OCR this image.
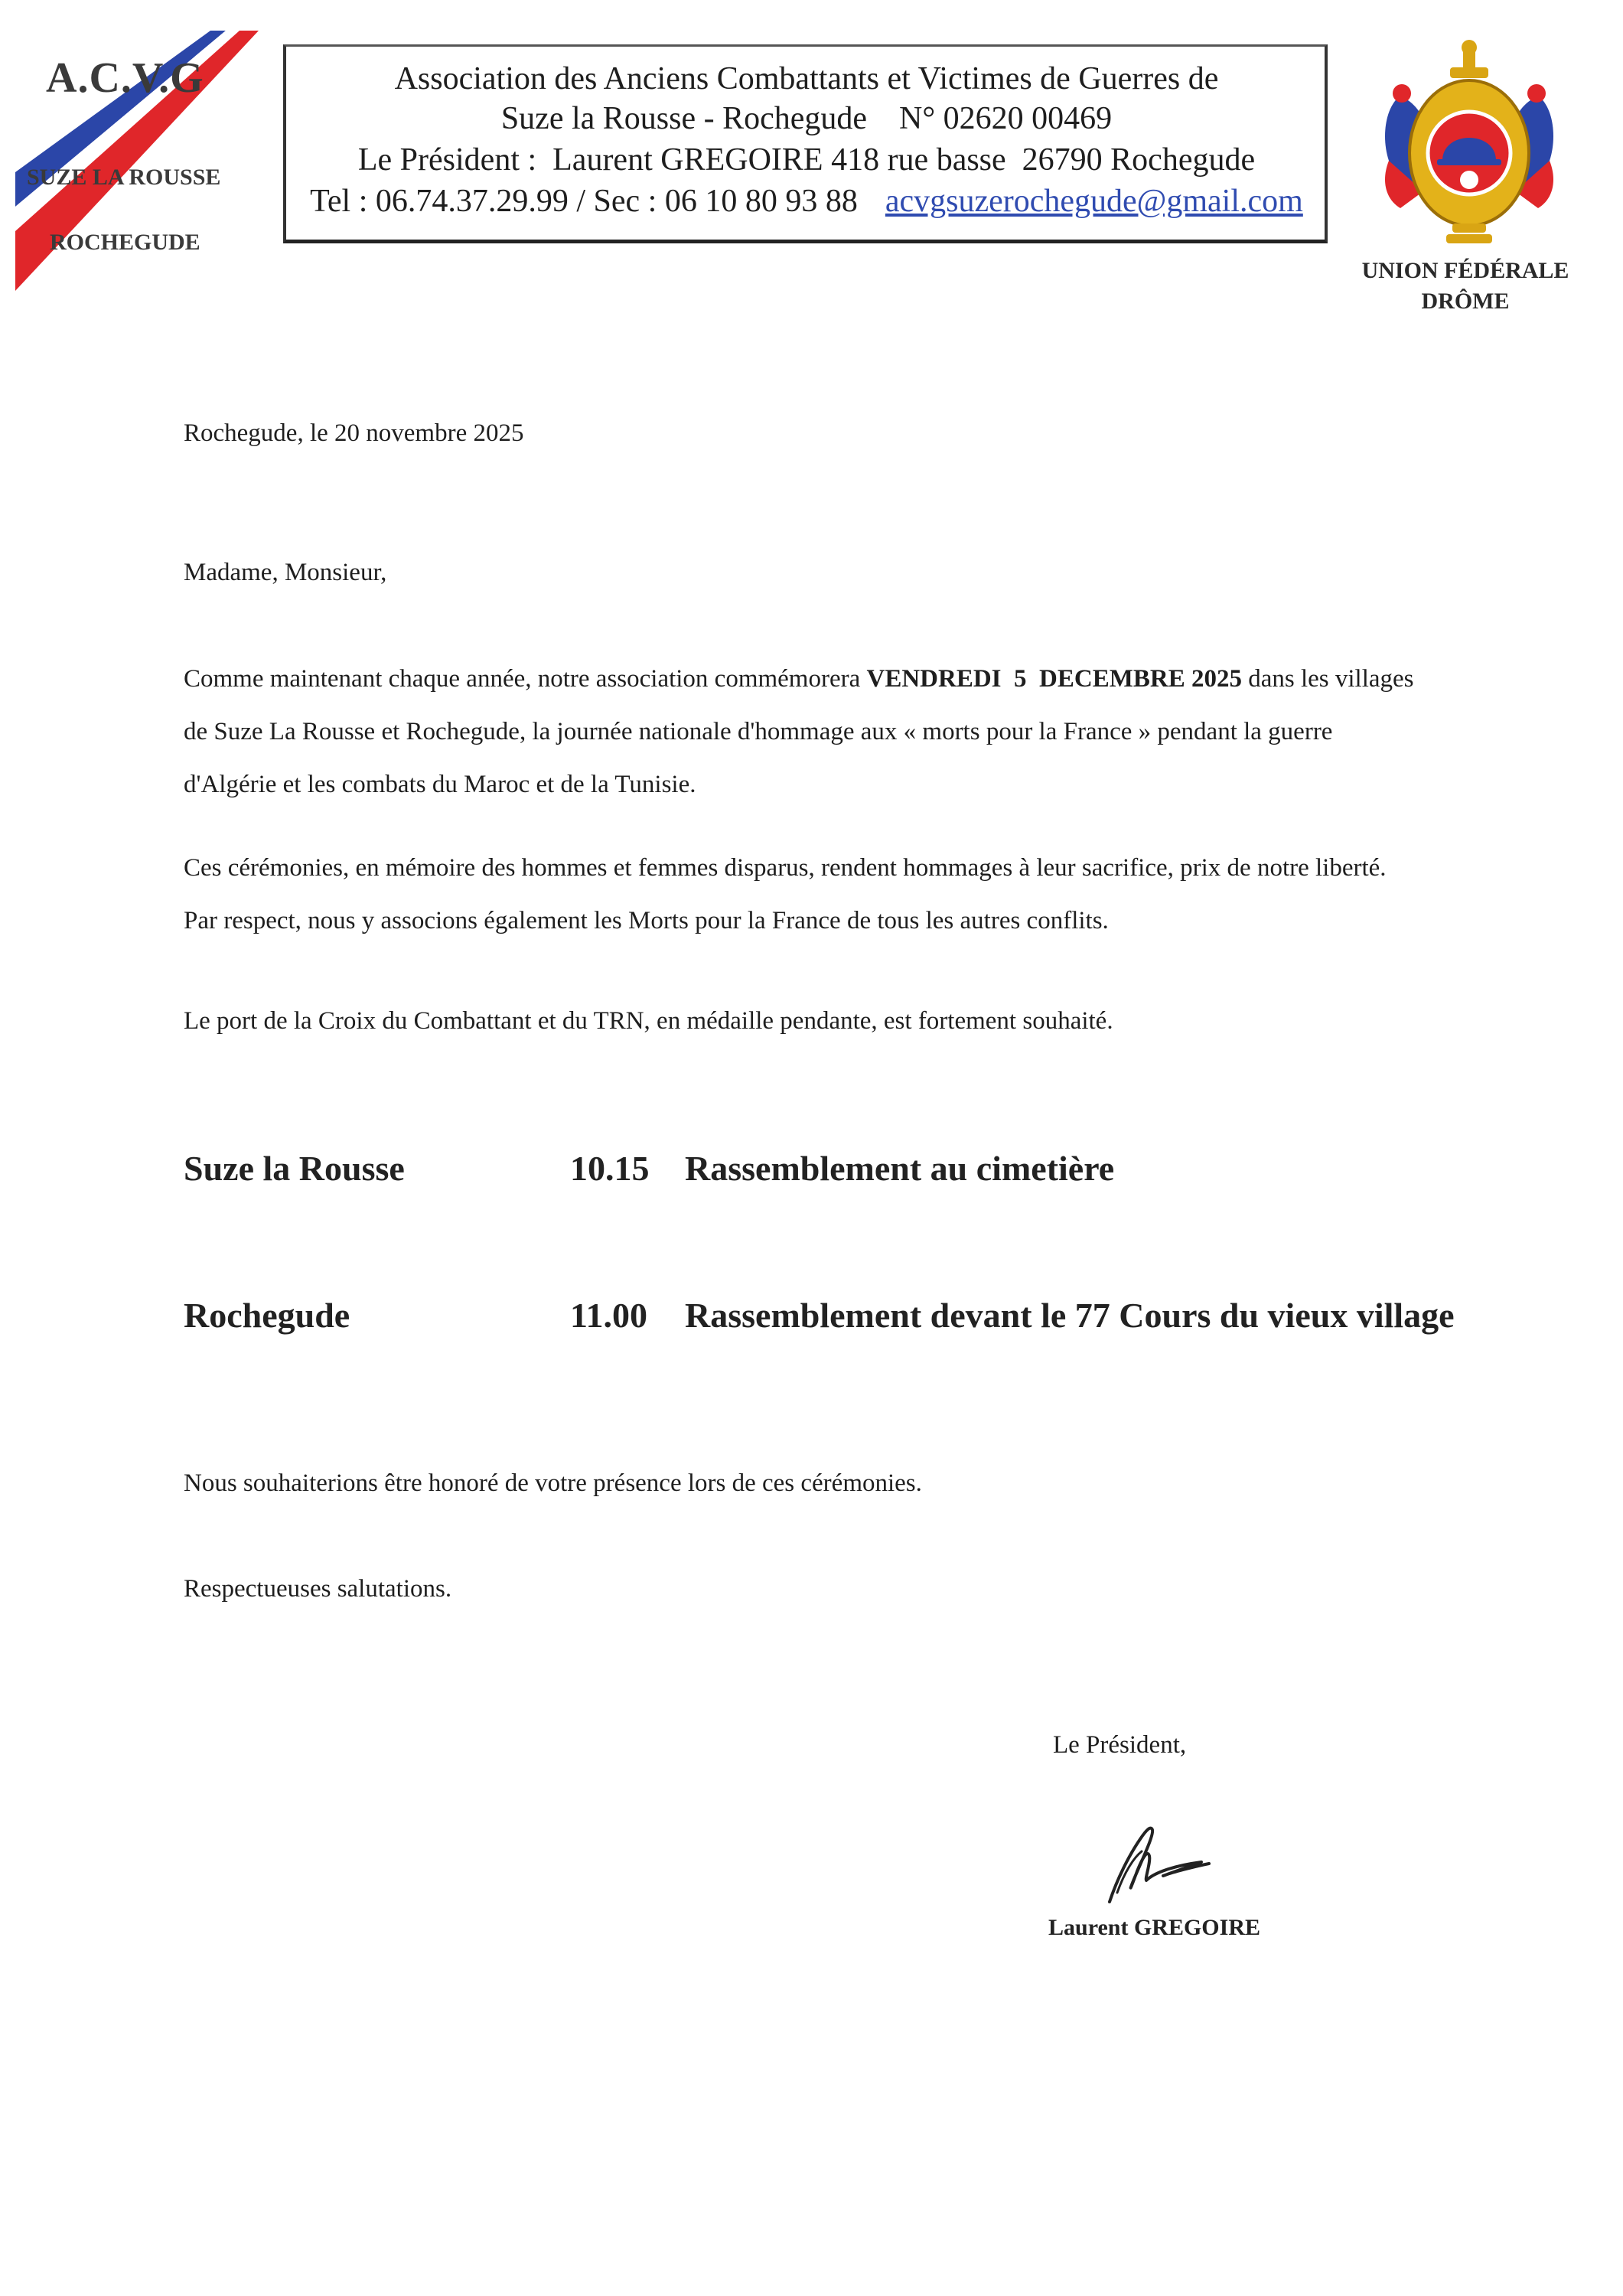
A.C.V.G
SUZE LA ROUSSE
ROCHEGUDE
Association des Anciens Combattants et Victimes de Guerres de
Suze la Rousse - Rochegude    N° 02620 00469
Le Président :  Laurent GREGOIRE 418 rue basse  26790 Rochegude
Tel : 06.74.37.29.99 / Sec : 06 10 80 93 88 acvgsuzerochegude@gmail.com
UNION FÉDÉRALE
DRÔME
Rochegude, le 20 novembre 2025
Madame, Monsieur,
Comme maintenant chaque année, notre association commémorera VENDREDI  5  DECEMBRE 2025 dans les villages
de Suze La Rousse et Rochegude, la journée nationale d'hommage aux « morts pour la France » pendant la guerre
d'Algérie et les combats du Maroc et de la Tunisie.
Ces cérémonies, en mémoire des hommes et femmes disparus, rendent hommages à leur sacrifice, prix de notre liberté.
Par respect, nous y associons également les Morts pour la France de tous les autres conflits.
Le port de la Croix du Combattant et du TRN, en médaille pendante, est fortement souhaité.
Suze la Rousse	10.15 Rassemblement au cimetière
Rochegude	11.00 Rassemblement devant le 77 Cours du vieux village
Nous souhaiterions être honoré de votre présence lors de ces cérémonies.
Respectueuses salutations.
Le Président,
Laurent GREGOIRE
